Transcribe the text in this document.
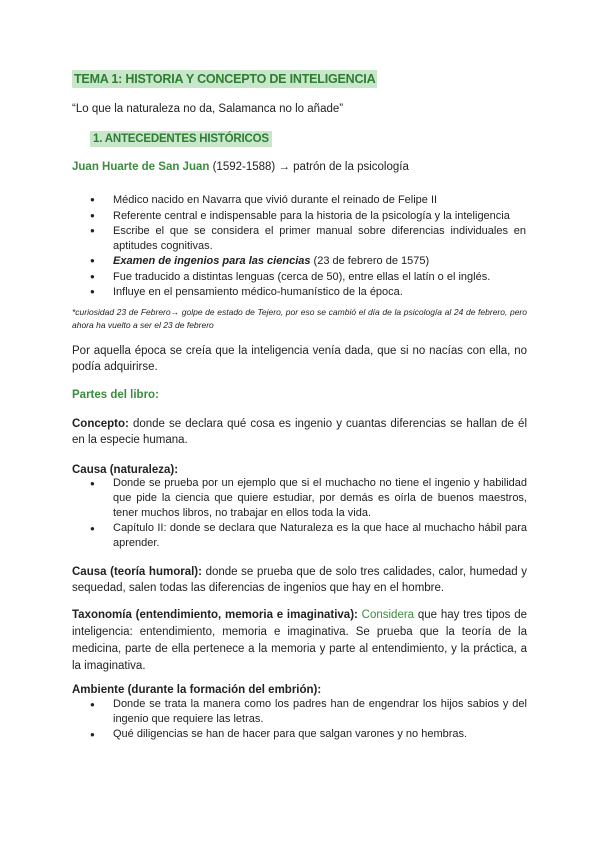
TEMA 1: HISTORIA Y CONCEPTO DE INTELIGENCIA
“Lo que la naturaleza no da, Salamanca no lo añade”
1. ANTECEDENTES HISTÓRICOS
Juan Huarte de San Juan (1592-1588) → patrón de la psicología
● Médico nacido en Navarra que vivió durante el reinado de Felipe II
● Referente central e indispensable para la historia de la psicología y la inteligencia
● Escribe el que se considera el primer manual sobre diferencias individuales en aptitudes cognitivas.
● Examen de ingenios para las ciencias (23 de febrero de 1575)
● Fue traducido a distintas lenguas (cerca de 50), entre ellas el latín o el inglés.
● Influye en el pensamiento médico-humanístico de la época.
*curiosidad 23 de Febrero→ golpe de estado de Tejero, por eso se cambió el día de la psicología al 24 de febrero, pero ahora ha vuelto a ser el 23 de febrero
Por aquella época se creía que la inteligencia venía dada, que si no nacías con ella, no podía adquirirse.
Partes del libro:
Concepto: donde se declara qué cosa es ingenio y cuantas diferencias se hallan de él en la especie humana.
Causa (naturaleza):
● Donde se prueba por un ejemplo que si el muchacho no tiene el ingenio y habilidad que pide la ciencia que quiere estudiar, por demás es oírla de buenos maestros, tener muchos libros, no trabajar en ellos toda la vida.
● Capítulo II: donde se declara que Naturaleza es la que hace al muchacho hábil para aprender.
Causa (teoría humoral): donde se prueba que de solo tres calidades, calor, humedad y sequedad, salen todas las diferencias de ingenios que hay en el hombre.
Taxonomía (entendimiento, memoria e imaginativa): Considera que hay tres tipos de inteligencia: entendimiento, memoria e imaginativa. Se prueba que la teoría de la medicina, parte de ella pertenece a la memoria y parte al entendimiento, y la práctica, a la imaginativa.
Ambiente (durante la formación del embrión):
● Donde se trata la manera como los padres han de engendrar los hijos sabios y del ingenio que requiere las letras.
● Qué diligencias se han de hacer para que salgan varones y no hembras.
